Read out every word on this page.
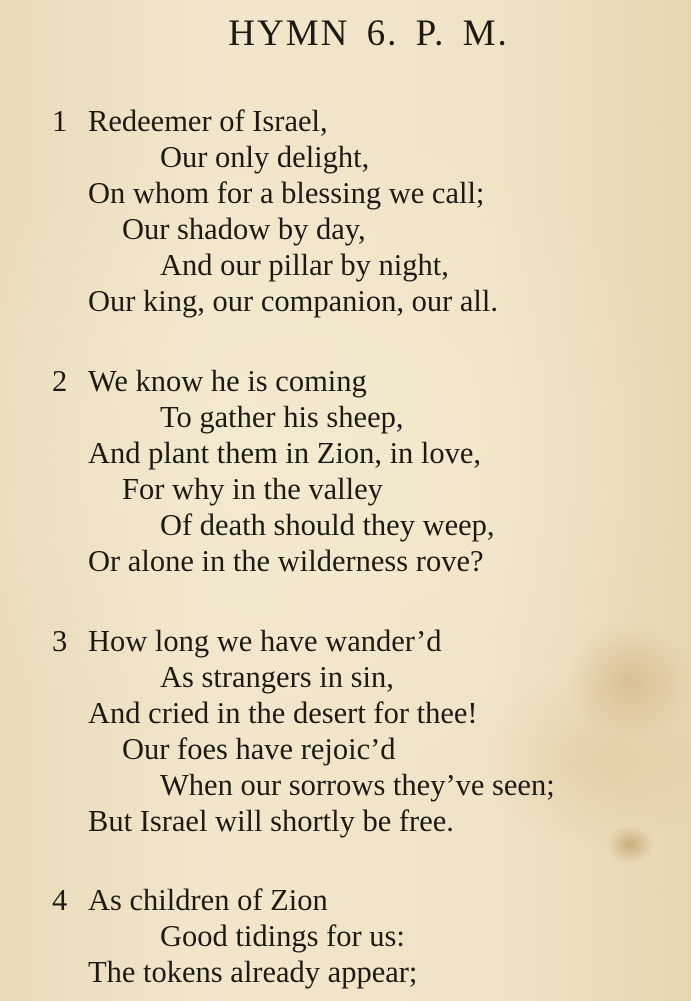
HYMN 6. P. M.
1 Redeemer of Israel,
Our only delight,
On whom for a blessing we call;
Our shadow by day,
And our pillar by night,
Our king, our companion, our all.
2 We know he is coming
To gather his sheep,
And plant them in Zion, in love,
For why in the valley
Of death should they weep,
Or alone in the wilderness rove?
3 How long we have wander’d
As strangers in sin,
And cried in the desert for thee!
Our foes have rejoic’d
When our sorrows they’ve seen;
But Israel will shortly be free.
4 As children of Zion
Good tidings for us:
The tokens already appear;
